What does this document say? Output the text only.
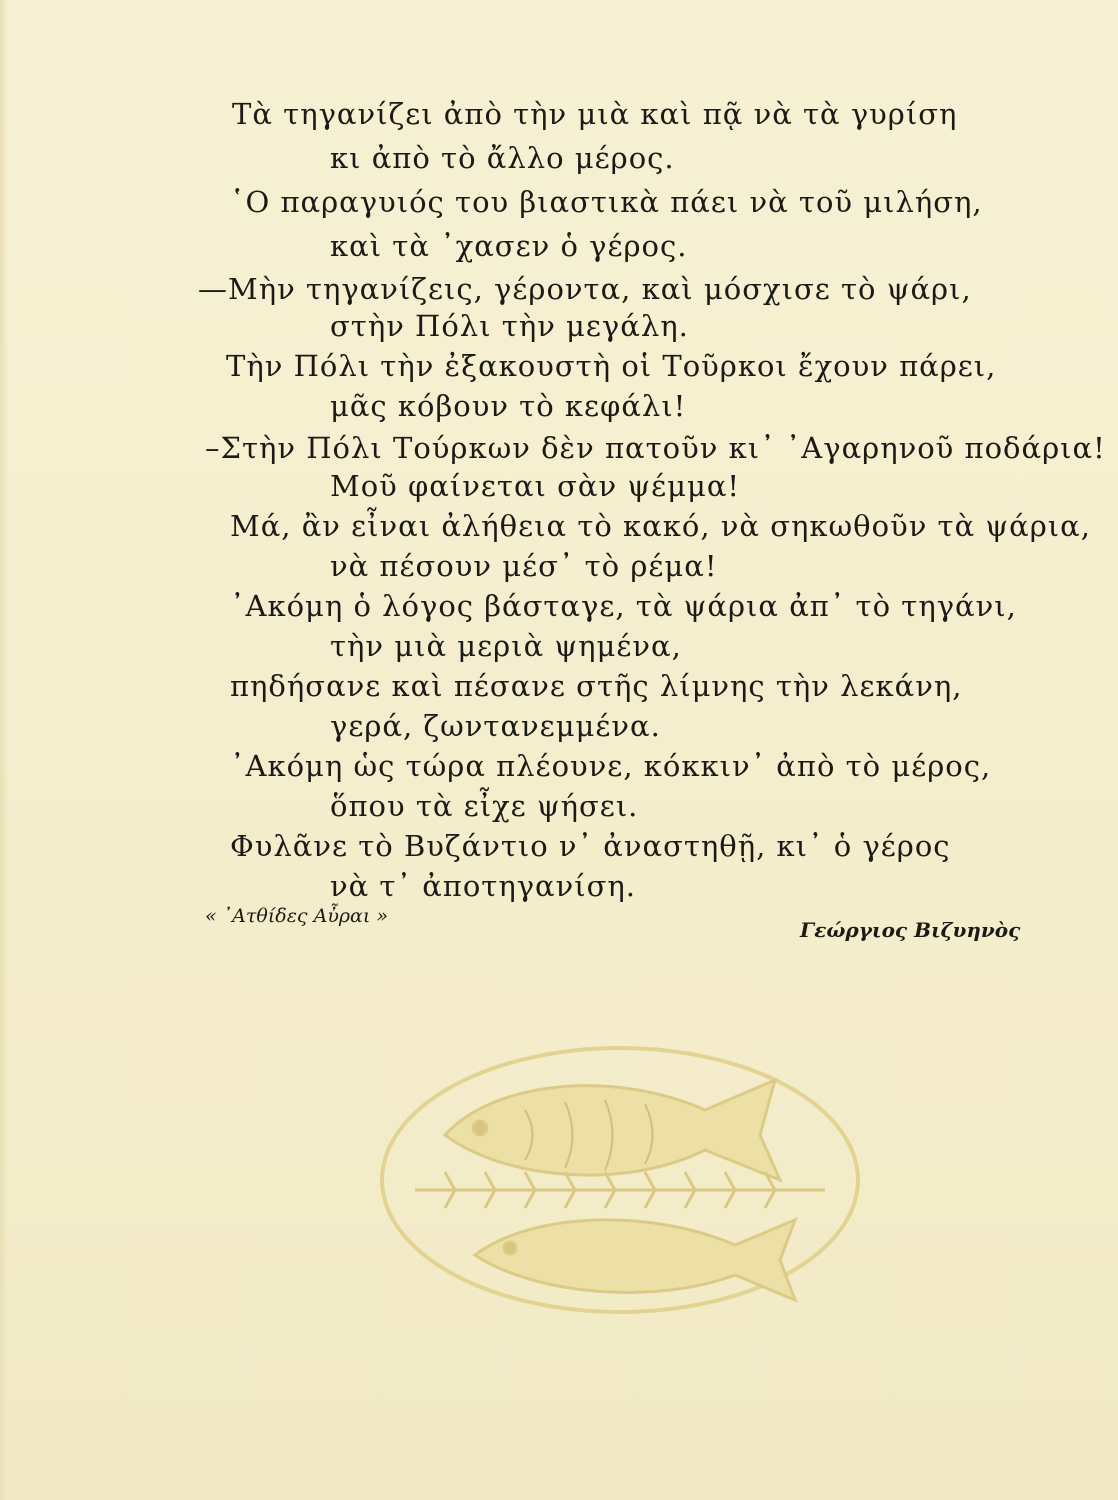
Τὰ τηγανίζει ἀπὸ τὴν μιὰ καὶ πᾷ νὰ τὰ γυρίση
κι ἀπὸ τὸ ἄλλο μέρος.
῾Ο παραγυιός του βιαστικὰ πάει νὰ τοῦ μιλήση,
καὶ τὰ ᾽χασεν ὁ γέρος.
—Μὴν τηγανίζεις, γέροντα, καὶ μόσχισε τὸ ψάρι,
στὴν Πόλι τὴν μεγάλη.
Τὴν Πόλι τὴν ἐξακουστὴ οἱ Τοῦρκοι ἔχουν πάρει,
μᾶς κόβουν τὸ κεφάλι!
–Στὴν Πόλι Τούρκων δὲν πατοῦν κι᾽ ᾽Αγαρηνοῦ ποδάρια!
Μοῦ φαίνεται σὰν ψέμμα!
Μά, ἂν εἶναι ἀλήθεια τὸ κακό, νὰ σηκωθοῦν τὰ ψάρια,
νὰ πέσουν μέσ᾽ τὸ ρέμα!
᾽Ακόμη ὁ λόγος βάσταγε, τὰ ψάρια ἀπ᾽ τὸ τηγάνι,
τὴν μιὰ μεριὰ ψημένα,
πηδήσανε καὶ πέσανε στῆς λίμνης τὴν λεκάνη,
γερά, ζωντανεμμένα.
᾽Ακόμη ὡς τώρα πλέουνε, κόκκιν᾽ ἀπὸ τὸ μέρος,
ὅπου τὰ εἶχε ψήσει.
Φυλᾶνε τὸ Βυζάντιο ν᾽ ἀναστηθῇ, κι᾽ ὁ γέρος
νὰ τ᾽ ἀποτηγανίση.
« ᾽Ατθίδες Αὖραι »
Γεώργιος Βιζυηνὸς
